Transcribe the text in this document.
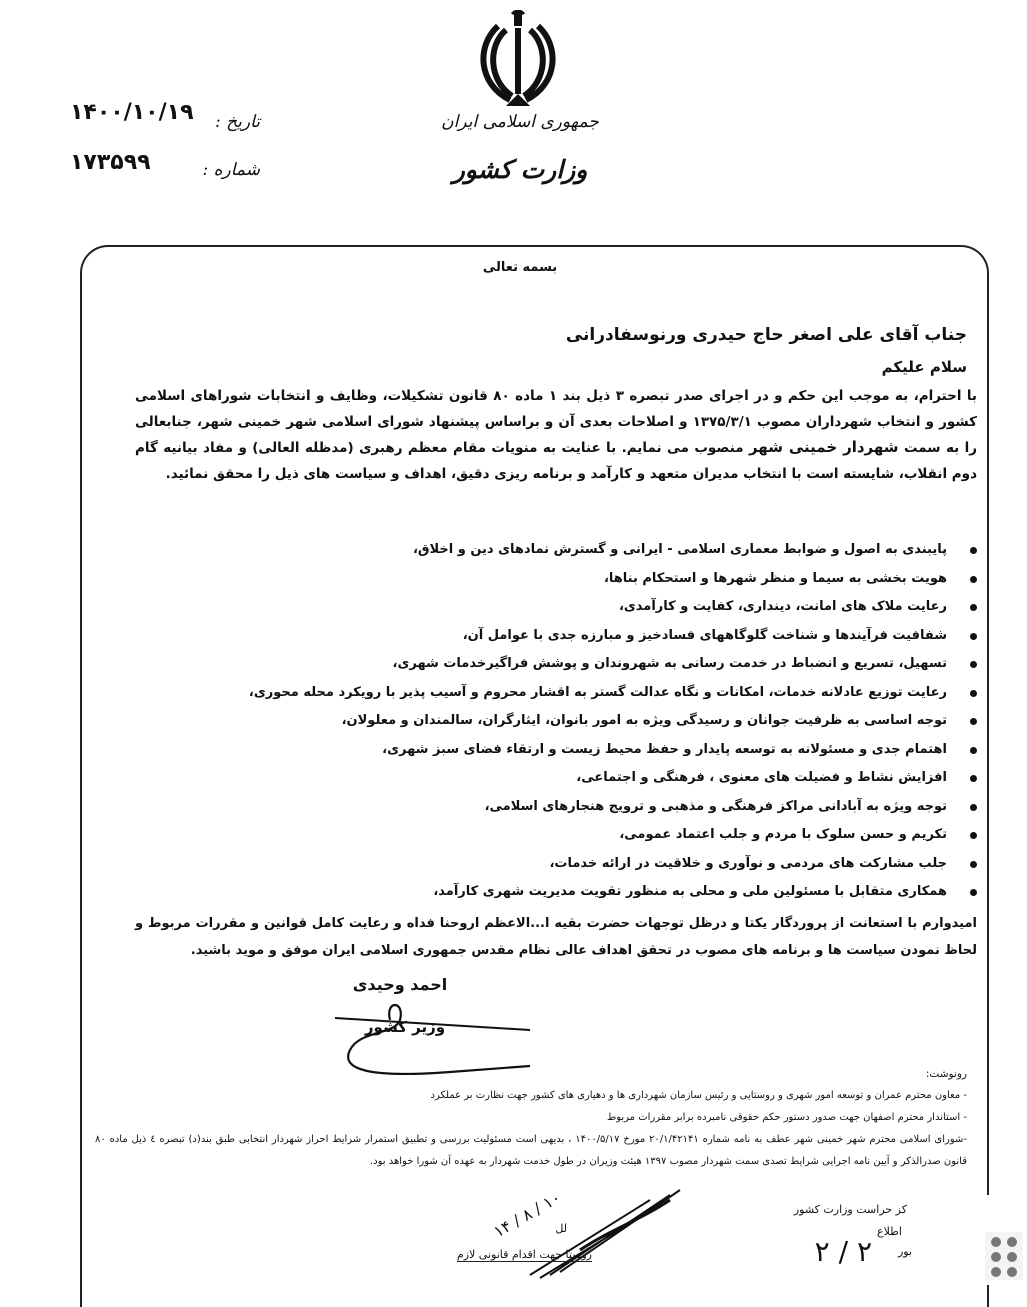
جمهوری اسلامی ایران
وزارت کشور
تاریخ :
۱۴۰۰/۱۰/۱۹
شماره :
۱۷۳۵۹۹
بسمه تعالی
جناب آقای علی اصغر حاج حیدری ورنوسفادرانی
سلام علیکم
با احترام، به موجب این حکم و در اجرای صدر تبصره ۳ ذیل بند ۱ ماده ۸۰ قانون تشکیلات، وظایف و انتخابات شوراهای اسلامی کشور و انتخاب شهرداران مصوب ۱۳۷۵/۳/۱ و اصلاحات بعدی آن و براساس پیشنهاد شورای اسلامی شهر خمینی شهر، جنابعالی را به سمت شهردار خمینی شهر منصوب می نمایم. با عنایت به منویات مقام معظم رهبری (مدظله العالی) و مفاد بیانیه گام دوم انقلاب، شایسته است با انتخاب مدیران متعهد و کارآمد و برنامه ریزی دقیق، اهداف و سیاست های ذیل را محقق نمائید.
پایبندی به اصول و ضوابط معماری اسلامی - ایرانی و گسترش نمادهای دین و اخلاق،
هویت بخشی به سیما و منظر شهرها و استحکام بناها،
رعایت ملاک های امانت، دینداری، کفایت و کارآمدی،
شفافیت فرآیندها و شناخت گلوگاههای فسادخیز و مبارزه جدی با عوامل آن،
تسهیل، تسریع و انضباط در خدمت رسانی به شهروندان و پوشش فراگیرخدمات شهری،
رعایت توزیع عادلانه خدمات، امکانات و نگاه عدالت گستر به اقشار محروم و آسیب پذیر با رویکرد محله محوری،
توجه اساسی به ظرفیت جوانان و رسیدگی ویژه به امور بانوان، ایثارگران، سالمندان و معلولان،
اهتمام جدی و مسئولانه به توسعه پایدار و حفظ محیط زیست و ارتقاء فضای سبز شهری،
افزایش نشاط و فضیلت های معنوی ، فرهنگی و اجتماعی،
توجه ویژه به آبادانی مراکز فرهنگی و مذهبی و ترویج هنجارهای اسلامی،
تکریم و حسن سلوک با مردم و جلب اعتماد عمومی،
جلب مشارکت های مردمی و نوآوری و خلاقیت در ارائه خدمات،
همکاری متقابل با مسئولین ملی و محلی به منظور تقویت مدیریت شهری کارآمد،
امیدوارم با استعانت از پروردگار یکتا و درظل توجهات حضرت بقیه ا...الاعظم اروحنا فداه و رعایت کامل قوانین و مقررات مربوط و لحاظ نمودن سیاست ها و برنامه های مصوب در تحقق اهداف عالی نظام مقدس جمهوری اسلامی ایران موفق و موید باشید.
احمد وحیدی
وزیر کشور
رونوشت:
- معاون محترم عمران و توسعه امور شهری و روستایی و رئیس سازمان شهرداری ها و دهیاری های کشور جهت نظارت بر عملکرد
- استاندار محترم اصفهان جهت صدور دستور حکم حقوقی نامبرده برابر مقررات مربوط
-شورای اسلامی محترم شهر خمینی شهر عطف به نامه شماره ۲۰/۱/۴۲۱۴۱ مورخ ۱۴۰۰/۵/۱۷ ، بدیهی است مسئولیت بررسی و تطبیق استمرار شرایط احراز شهردار انتخابی طبق بند(د) تبصره ٤ ذیل ماده ۸۰ قانون صدرالذکر و آیین نامه اجرایی شرایط تصدی سمت شهردار مصوب ۱۳۹۷ هیئت وزیران در طول خدمت شهردار به عهده آن شورا خواهد بود.
۱۰ / ۸ / ۱۴	کز حراست وزارت کشور
اطلاع
بور
۲ / ۲
لل
روستا جهت اقدام قانونی لازم
